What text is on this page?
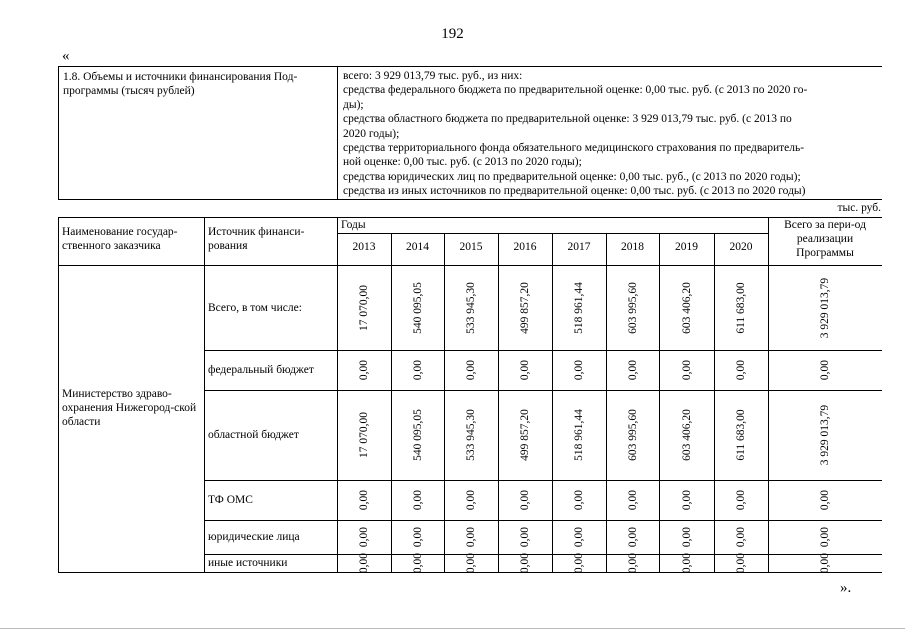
192
«
1.8. Объемы и источники финансирования Под-программы (тысяч рублей)
всего: 3 929 013,79 тыс. руб., из них:
средства федерального бюджета по предварительной оценке: 0,00 тыс. руб. (с 2013 по 2020 го-
ды);
средства областного бюджета по предварительной оценке: 3 929 013,79 тыс. руб. (с 2013 по
2020 годы);
средства территориального фонда обязательного медицинского страхования по предваритель-
ной оценке: 0,00 тыс. руб. (с 2013 по 2020 годы);
средства юридических лиц по предварительной оценке: 0,00 тыс. руб., (с 2013 по 2020 годы);
средства из иных источников по предварительной оценке: 0,00 тыс. руб. (с 2013 по 2020 годы)
тыс. руб.
Наименование государ-ственного заказчика
Источник финанси-рования
Годы
2013	2014	2015	2016	2017	2018	2019	2020
Всего за пери-од реализации Программы
Министерство здраво-охранения Нижегород-ской области
Всего, в том числе:	17 070,00	540 095,05	533 945,30	499 857,20	518 961,44	603 995,60	603 406,20	611 683,00	3 929 013,79
федеральный бюджет	0,00	0,00	0,00	0,00	0,00	0,00	0,00	0,00	0,00
областной бюджет	17 070,00	540 095,05	533 945,30	499 857,20	518 961,44	603 995,60	603 406,20	611 683,00	3 929 013,79
ТФ ОМС	0,00	0,00	0,00	0,00	0,00	0,00	0,00	0,00	0,00
юридические лица	0,00	0,00	0,00	0,00	0,00	0,00	0,00	0,00	0,00
иные источники	0,00	0,00	0,00	0,00	0,00	0,00	0,00	0,00	0,00
».
